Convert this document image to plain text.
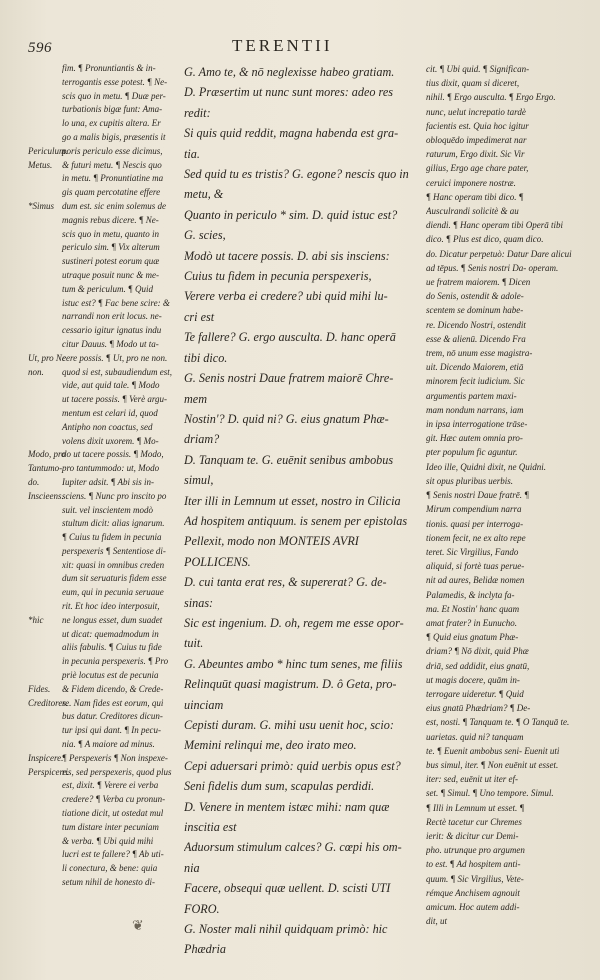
596	TERENTII
fim. ¶ Pronuntiantis & in-
terrogantis esse potest. ¶ Ne-
scis quo in metu. ¶ Duæ per-
turbationis bigæ funt: Ama-
lo una, ex cupitis altera. Er
go a malis bigis, præsentis it
Periculum.poris periculo esse dicimus,
Metus. & futuri metu. ¶ Nescis quo
in metu. ¶ Pronuntiatine ma
gis quam percotatine effere
*Simus dum est. sic enim solemus de
magnis rebus dicere. ¶ Ne-
scis quo in metu, quanto in
periculo sim. ¶ Vix alterum
sustineri potest eorum quæ
utraque posuit nunc & me-
tum & periculum. ¶ Quid
istuc est? ¶ Fac bene scire: &
narrandi non erit locus. ne-
cessario igitur ignatus indu
citur Dauus. ¶ Modo ut ta-
Ut, pro Necere possis. ¶ Ut, pro ne non.
non. quod si est, subaudiendum est,
vide, aut quid tale. ¶ Modo
ut tacere possis. ¶ Verè argu-
mentum est celari id, quod
Antipho non coactus, sed
volens dixit uxorem. ¶ Mo-
Modo, prodo ut tacere possis. ¶ Modo,
Tantumo-pro tantummodo: ut, Modo
do.	Iupiter adsit. ¶ Abi sis in-
Inscieens.sciens. ¶ Nunc pro inscito po
suit. vel inscientem modò
stultum dicit: alias ignarum.
¶ Cuius tu fidem in pecunia
perspexeris ¶ Sententiose di-
xit: quasi in omnibus creden
dum sit seruaturis fidem esse
eum, qui in pecunia seruaue
rit. Et hoc ideo interposuit,
*hic ne longus esset, dum suadet
ut dicat: quemadmodum in
aliis fabulis. ¶ Cuius tu fide
in pecunia perspexeris. ¶ Pro
priè locutus est de pecunia
Fides. & Fidem dicendo, & Crede-
Creditores.re. Nam fides est eorum, qui
bus datur. Creditores dicun-
tur ipsi qui dant. ¶ In pecu-
nia. ¶ A maiore ad minus.
Inspicere.¶ Perspexeris ¶ Non inspexe-
Perspicere.ris, sed perspexeris, quod plus
est, dixit. ¶ Verere ei verba
credere? ¶ Verba cu pronun-
tiatione dicit, ut ostedat mul
tum distare inter pecuniam
& verba. ¶ Ubi quid mihi
lucri est te fallere? ¶ Ab uti-
li conectura, & bene: quia
setum nihil de honesto di-
G. Amo te, & nō neglexisse habeo gratiam.
D. Præsertim ut nunc sunt mores: adeo res
redit:
Si quis quid reddit, magna habenda est gra-
tia.
Sed quid tu es tristis? G. egone? nescis quo in
metu, &
Quanto in periculo * sim. D. quid istuc est?
G. scies,
Modò ut tacere possis. D. abi sis insciens:
Cuius tu fidem in pecunia perspexeris,
Verere verba ei credere? ubi quid mihi lu-
cri est
Te fallere? G. ergo ausculta. D. hanc operā
tibi dico.
G. Senis nostri Daue fratrem maiorē Chre-
mem
Nostin'? D. quid ni? G. eius gnatum Phæ-
driam?
D. Tanquam te. G. euēnit senibus ambobus
simul,
Iter illi in Lemnum ut esset, nostro in Cilicia
Ad hospitem antiquum. is senem per epistolas
Pellexit, modo non MONTEIS AVRI
POLLICENS.
D. cui tanta erat res, & supererat? G. de-
sinas:
Sic est ingenium. D. oh, regem me esse opor-
tuit.
G. Abeuntes ambo * hinc tum senes, me filiis
Relinquūt quasi magistrum. D. ô Geta, pro-
uinciam
Cepisti duram. G. mihi usu uenit hoc, scio:
Memini relinqui me, deo irato meo.
Cepi aduersari primò: quid uerbis opus est?
Seni fidelis dum sum, scapulas perdidi.
D. Venere in mentem istæc mihi: nam quæ
inscitia est
Aduorsum stimulum calces? G. cœpi his om-
nia
Facere, obsequi quæ uellent. D. scisti UTI
FORO.
G. Noster mali nihil quidquam primò: hic
Phædria
cit. ¶ Ubi quid. ¶ Significan-
tius dixit, quam si diceret,
nihil. ¶ Ergo ausculta. ¶ Ergo Ergo.
nunc, uelut increpatio tardè
facientis est. Quia hoc igitur
obloquēdo impedimerat nar
raturum, Ergo dixit. Sic Vir
gilius, Ergo age chare pater,
ceruici imponere nostræ.
¶ Hanc operam tibi dico. ¶
Ausculrandi solicitè & au
diendi. ¶ Hanc operam tibi Operā tibi
dico. ¶ Plus est dico, quam dico.
do. Dicatur perpetuò: Datur Dare alicui
ad tēpus. ¶ Senis nostri Da- operam.
ue fratrem maiorem. ¶ Dicen
do Senis, ostendit & adole-
scentem se dominum habe-
re. Dicendo Nostri, ostendit
esse & alienū. Dicendo Fra
trem, nō unum esse magistra-
uit. Dicendo Maiorem, etiā
minorem fecit iudicium. Sic
argumentis partem maxi-
mam nondum narrans, iam
in ipsa interrogatione trāse-
git. Hæc autem omnia pro-
pter populum fic aguntur.
Ideo ille, Quidni dixit, ne Quidni.
sit opus pluribus uerbis.
¶ Senis nostri Daue fratrē. ¶
Mirum compendium narra
tionis. quasi per interroga-
tionem fecit, ne ex alto repe
teret. Sic Virgilius, Fando
aliquid, si fortè tuas perue-
nit ad aures, Belidæ nomen
Palamedis, & inclyta fa-
ma. Et Nostin' hanc quam
amat frater? in Eunucho.
¶ Quid eius gnatum Phæ-
driam? ¶ Nō dixit, quid Phæ
driā, sed addidit, eius gnatū,
ut magis docere, quām in-
terrogare uideretur. ¶ Quid
eius gnatū Phædriam? ¶ De-
est, nosti. ¶ Tanquam te. ¶ O Tanquā te.
uarietas. quid ni? tanquam
te. ¶ Euenit ambobus seni- Euenit uti
bus simul, iter. ¶ Non euēnit ut esset.
iter: sed, euēnit ut iter ef-
set. ¶ Simul. ¶ Uno tempore. Simul.
¶ Illi in Lemnum ut esset. ¶
Rectè tacetur cur Chremes
ierit: & dicitur cur Demi-
pho. utrunque pro argumen
to est. ¶ Ad hospitem anti-
quum. ¶ Sic Virgilius, Vete-
rémque Anchisem agnouit
amicum. Hoc autem addi-
dit, ut
❦
